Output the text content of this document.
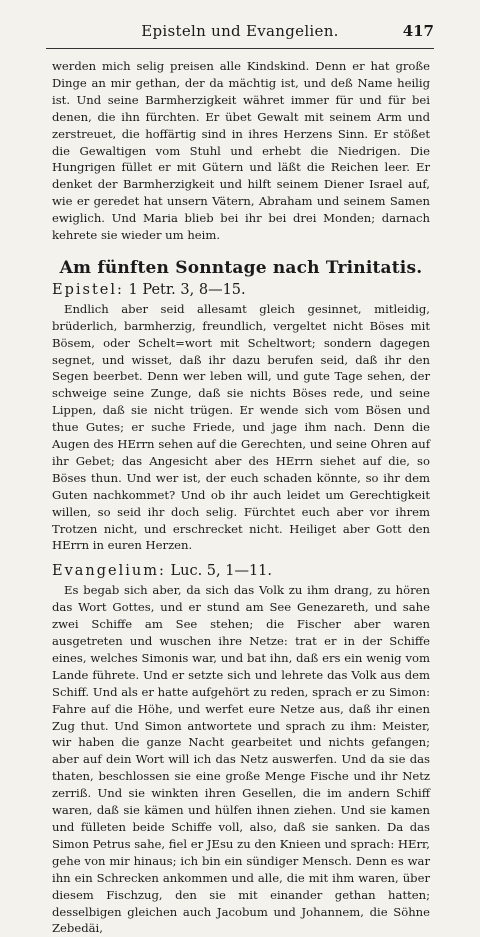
Episteln und Evangelien.	417

werden mich selig preisen alle Kindskind. Denn er hat große Dinge an mir gethan, der da mächtig ist, und deß Name heilig ist. Und seine Barmherzigkeit währet immer für und für bei denen, die ihn fürchten. Er übet Gewalt mit seinem Arm und zerstreuet, die hoffärtig sind in ihres Herzens Sinn. Er stößet die Gewaltigen vom Stuhl und erhebt die Niedrigen. Die Hungrigen füllet er mit Gütern und läßt die Reichen leer. Er denket der Barmherzigkeit und hilft seinem Diener Israel auf, wie er geredet hat unsern Vätern, Abraham und seinem Samen ewiglich. Und Maria blieb bei ihr bei drei Monden; darnach kehrete sie wieder um heim.

Am fünften Sonntage nach Trinitatis.
Epistel: 1 Petr. 3, 8—15.

Endlich aber seid allesamt gleich gesinnet, mitleidig, brüderlich, barmherzig, freundlich, vergeltet nicht Böses mit Bösem, oder Schelt=wort mit Scheltwort; sondern dagegen segnet, und wisset, daß ihr dazu berufen seid, daß ihr den Segen beerbet. Denn wer leben will, und gute Tage sehen, der schweige seine Zunge, daß sie nichts Böses rede, und seine Lippen, daß sie nicht trügen. Er wende sich vom Bösen und thue Gutes; er suche Friede, und jage ihm nach. Denn die Augen des HErrn sehen auf die Gerechten, und seine Ohren auf ihr Gebet; das Angesicht aber des HErrn siehet auf die, so Böses thun. Und wer ist, der euch schaden könnte, so ihr dem Guten nachkommet? Und ob ihr auch leidet um Gerechtigkeit willen, so seid ihr doch selig. Fürchtet euch aber vor ihrem Trotzen nicht, und erschrecket nicht. Heiliget aber Gott den HErrn in euren Herzen.

Evangelium: Luc. 5, 1—11.

Es begab sich aber, da sich das Volk zu ihm drang, zu hören das Wort Gottes, und er stund am See Genezareth, und sahe zwei Schiffe am See stehen; die Fischer aber waren ausgetreten und wuschen ihre Netze: trat er in der Schiffe eines, welches Simonis war, und bat ihn, daß ers ein wenig vom Lande führete. Und er setzte sich und lehrete das Volk aus dem Schiff. Und als er hatte aufgehört zu reden, sprach er zu Simon: Fahre auf die Höhe, und werfet eure Netze aus, daß ihr einen Zug thut. Und Simon antwortete und sprach zu ihm: Meister, wir haben die ganze Nacht gearbeitet und nichts gefangen; aber auf dein Wort will ich das Netz auswerfen. Und da sie das thaten, beschlossen sie eine große Menge Fische und ihr Netz zerriß. Und sie winkten ihren Gesellen, die im andern Schiff waren, daß sie kämen und hülfen ihnen ziehen. Und sie kamen und fülleten beide Schiffe voll, also, daß sie sanken. Da das Simon Petrus sahe, fiel er JEsu zu den Knieen und sprach: HErr, gehe von mir hinaus; ich bin ein sündiger Mensch. Denn es war ihn ein Schrecken ankommen und alle, die mit ihm waren, über diesem Fischzug, den sie mit einander gethan hatten; desselbigen gleichen auch Jacobum und Johannem, die Söhne Zebedäi,
